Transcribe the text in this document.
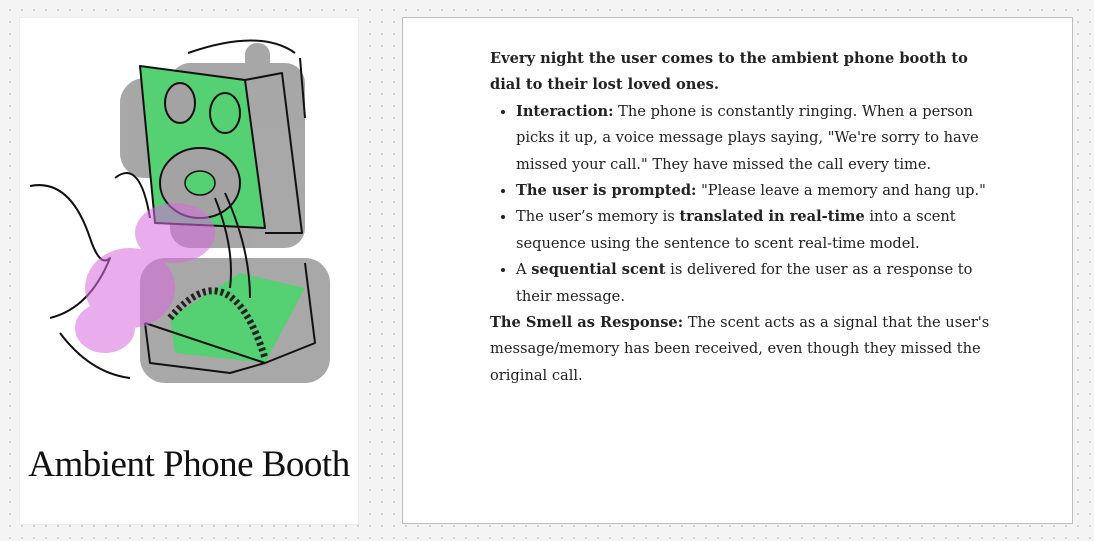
Ambient Phone Booth

Every night the user comes to the ambient phone booth to dial to their lost loved ones.

• Interaction: The phone is constantly ringing. When a person picks it up, a voice message plays saying, "We're sorry to have missed your call." They have missed the call every time.
• The user is prompted: "Please leave a memory and hang up."
• The user’s memory is translated in real-time into a scent sequence using the sentence to scent real-time model.
• A sequential scent is delivered for the user as a response to their message.

The Smell as Response: The scent acts as a signal that the user's message/memory has been received, even though they missed the original call.
